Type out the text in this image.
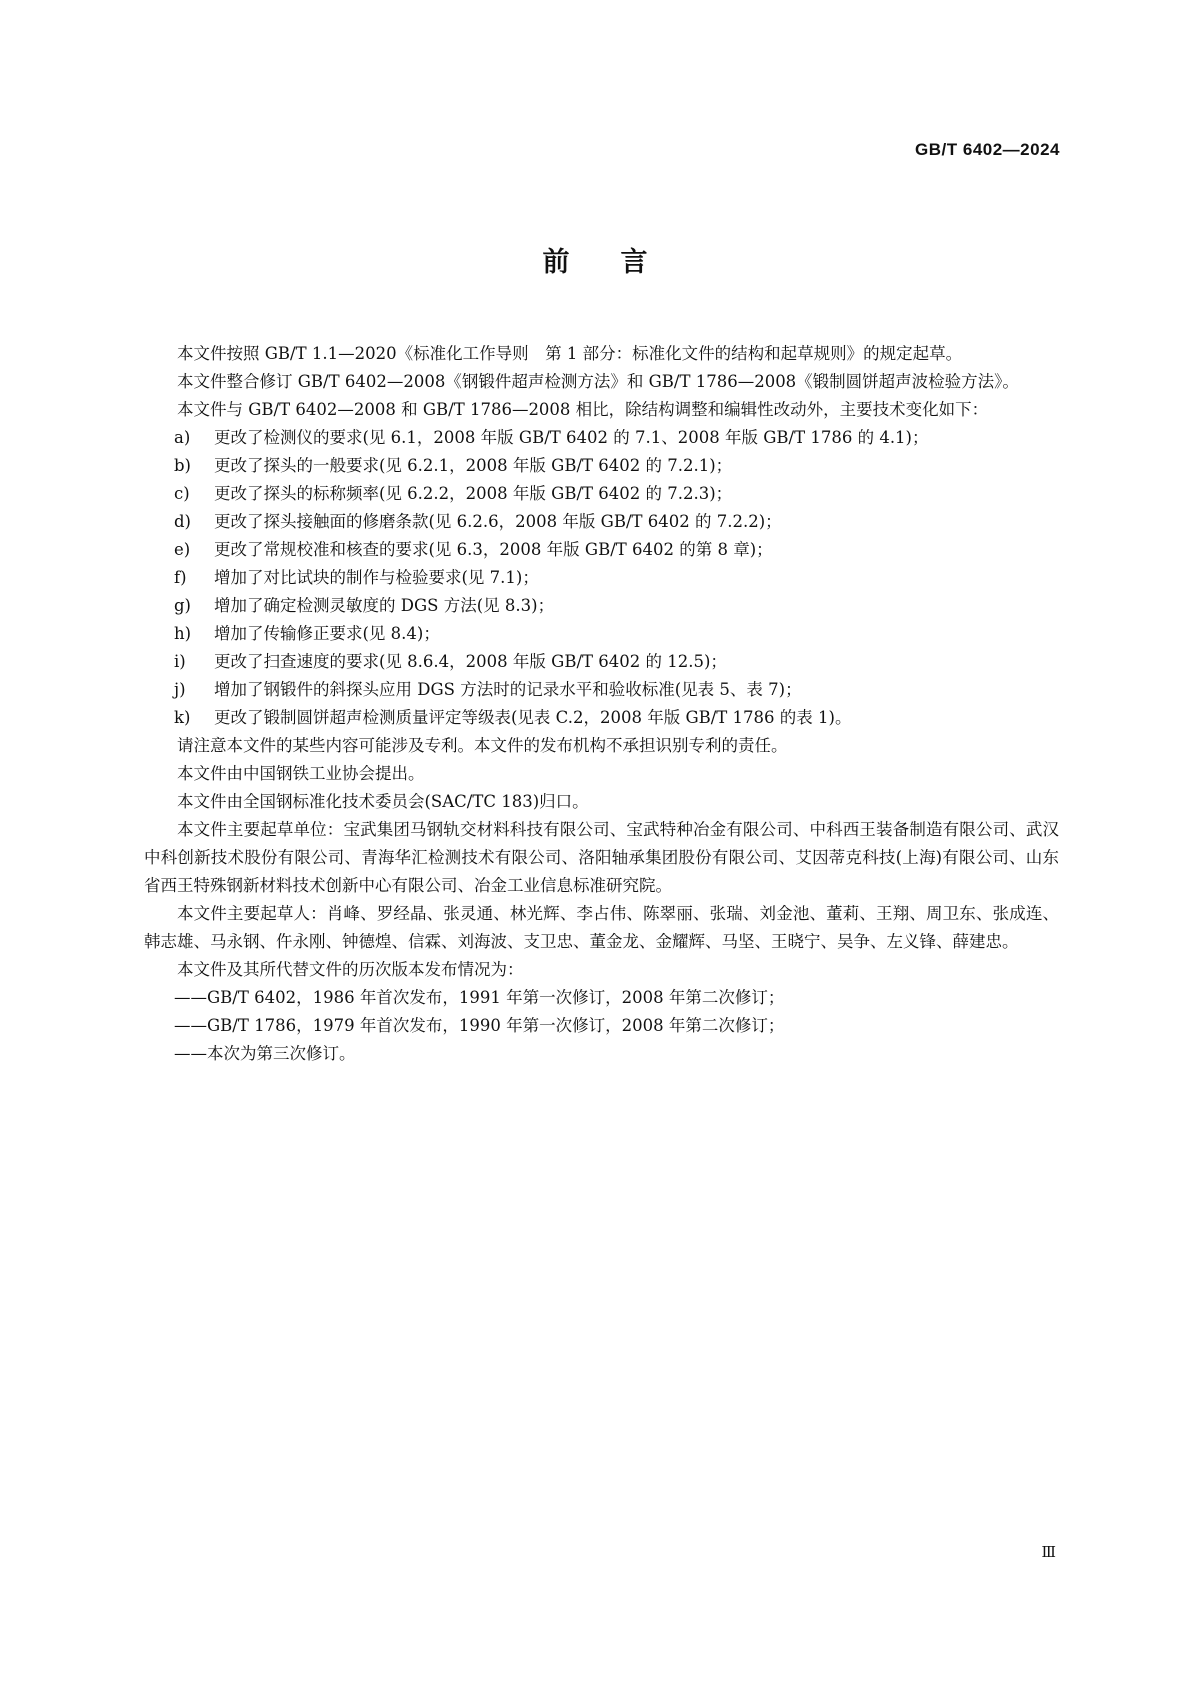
GB/T 6402—2024
前 言

本文件按照 GB/T 1.1—2020《标准化工作导则　第 1 部分：标准化文件的结构和起草规则》的规定起草。

本文件整合修订 GB/T 6402—2008《钢锻件超声检测方法》和 GB/T 1786—2008《锻制圆饼超声波检验方法》。

本文件与 GB/T 6402—2008 和 GB/T 1786—2008 相比，除结构调整和编辑性改动外，主要技术变化如下：

a) 更改了检测仪的要求(见 6.1，2008 年版 GB/T 6402 的 7.1、2008 年版 GB/T 1786 的 4.1)；
b) 更改了探头的一般要求(见 6.2.1，2008 年版 GB/T 6402 的 7.2.1)；
c) 更改了探头的标称频率(见 6.2.2，2008 年版 GB/T 6402 的 7.2.3)；
d) 更改了探头接触面的修磨条款(见 6.2.6，2008 年版 GB/T 6402 的 7.2.2)；
e) 更改了常规校准和核查的要求(见 6.3，2008 年版 GB/T 6402 的第 8 章)；
f) 增加了对比试块的制作与检验要求(见 7.1)；
g) 增加了确定检测灵敏度的 DGS 方法(见 8.3)；
h) 增加了传输修正要求(见 8.4)；
i) 更改了扫查速度的要求(见 8.6.4，2008 年版 GB/T 6402 的 12.5)；
j) 增加了钢锻件的斜探头应用 DGS 方法时的记录水平和验收标准(见表 5、表 7)；
k) 更改了锻制圆饼超声检测质量评定等级表(见表 C.2，2008 年版 GB/T 1786 的表 1)。

请注意本文件的某些内容可能涉及专利。本文件的发布机构不承担识别专利的责任。

本文件由中国钢铁工业协会提出。

本文件由全国钢标准化技术委员会(SAC/TC 183)归口。

本文件主要起草单位：宝武集团马钢轨交材料科技有限公司、宝武特种冶金有限公司、中科西王装备制造有限公司、武汉中科创新技术股份有限公司、青海华汇检测技术有限公司、洛阳轴承集团股份有限公司、艾因蒂克科技(上海)有限公司、山东省西王特殊钢新材料技术创新中心有限公司、冶金工业信息标准研究院。

本文件主要起草人：肖峰、罗经晶、张灵通、林光辉、李占伟、陈翠丽、张瑞、刘金池、董莉、王翔、周卫东、张成连、韩志雄、马永钢、仵永刚、钟德煌、信霖、刘海波、支卫忠、董金龙、金耀辉、马坚、王晓宁、吴争、左义锋、薛建忠。

本文件及其所代替文件的历次版本发布情况为：

——GB/T 6402，1986 年首次发布，1991 年第一次修订，2008 年第二次修订；
——GB/T 1786，1979 年首次发布，1990 年第一次修订，2008 年第二次修订；
——本次为第三次修订。
Ⅲ
